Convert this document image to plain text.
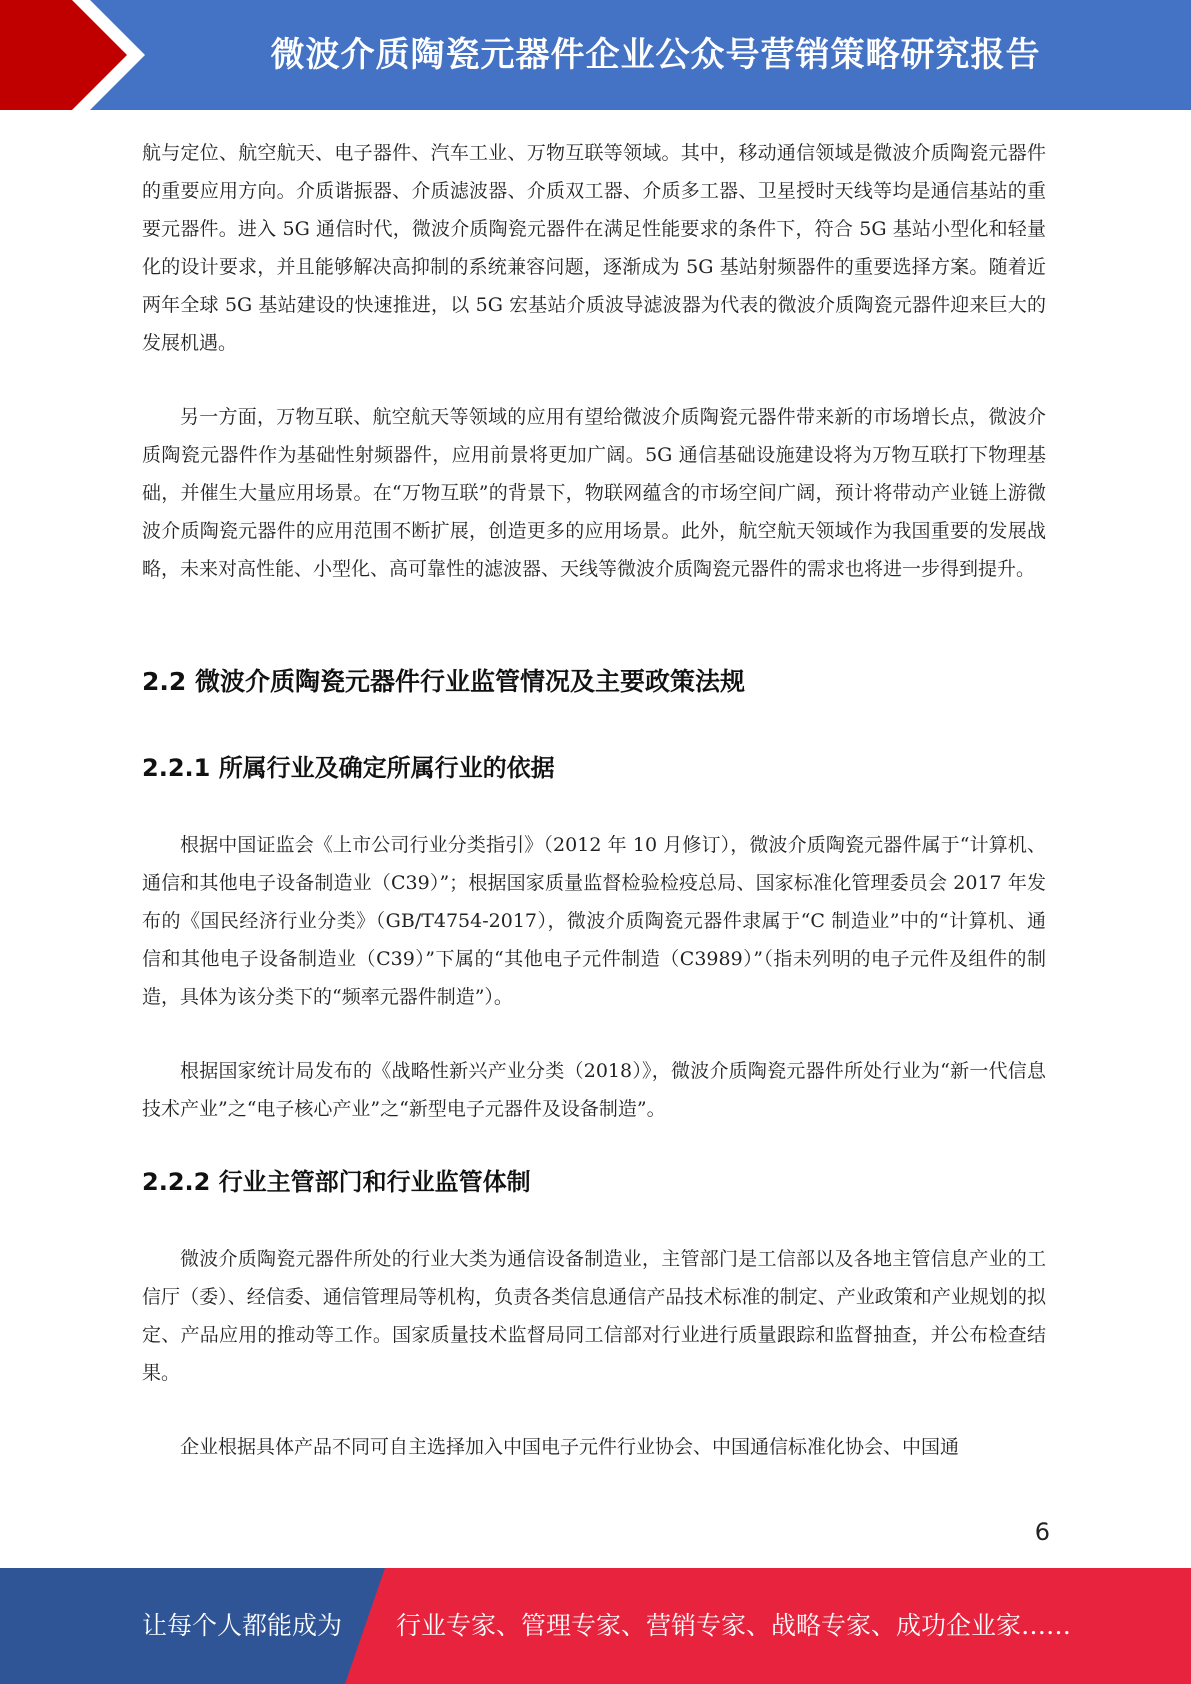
微波介质陶瓷元器件企业公众号营销策略研究报告

航与定位、航空航天、电子器件、汽车工业、万物互联等领域。其中，移动通信领域是微波介质陶瓷元器件的重要应用方向。介质谐振器、介质滤波器、介质双工器、介质多工器、卫星授时天线等均是通信基站的重要元器件。进入 5G 通信时代，微波介质陶瓷元器件在满足性能要求的条件下，符合 5G 基站小型化和轻量化的设计要求，并且能够解决高抑制的系统兼容问题，逐渐成为 5G 基站射频器件的重要选择方案。随着近两年全球 5G 基站建设的快速推进，以 5G 宏基站介质波导滤波器为代表的微波介质陶瓷元器件迎来巨大的发展机遇。

另一方面，万物互联、航空航天等领域的应用有望给微波介质陶瓷元器件带来新的市场增长点，微波介质陶瓷元器件作为基础性射频器件，应用前景将更加广阔。5G 通信基础设施建设将为万物互联打下物理基础，并催生大量应用场景。在“万物互联”的背景下，物联网蕴含的市场空间广阔，预计将带动产业链上游微波介质陶瓷元器件的应用范围不断扩展，创造更多的应用场景。此外，航空航天领域作为我国重要的发展战略，未来对高性能、小型化、高可靠性的滤波器、天线等微波介质陶瓷元器件的需求也将进一步得到提升。

2.2 微波介质陶瓷元器件行业监管情况及主要政策法规
2.2.1 所属行业及确定所属行业的依据

根据中国证监会《上市公司行业分类指引》（2012 年 10 月修订），微波介质陶瓷元器件属于“计算机、通信和其他电子设备制造业（C39）”；根据国家质量监督检验检疫总局、国家标准化管理委员会 2017 年发布的《国民经济行业分类》（GB/T4754-2017），微波介质陶瓷元器件隶属于“C 制造业”中的“计算机、通信和其他电子设备制造业（C39）”下属的“其他电子元件制造（C3989）”（指未列明的电子元件及组件的制造，具体为该分类下的“频率元器件制造”）。

根据国家统计局发布的《战略性新兴产业分类（2018）》，微波介质陶瓷元器件所处行业为“新一代信息技术产业”之“电子核心产业”之“新型电子元器件及设备制造”。

2.2.2 行业主管部门和行业监管体制

微波介质陶瓷元器件所处的行业大类为通信设备制造业，主管部门是工信部以及各地主管信息产业的工信厅（委）、经信委、通信管理局等机构，负责各类信息通信产品技术标准的制定、产业政策和产业规划的拟定、产品应用的推动等工作。国家质量技术监督局同工信部对行业进行质量跟踪和监督抽查，并公布检查结果。

企业根据具体产品不同可自主选择加入中国电子元件行业协会、中国通信标准化协会、中国通

6
让每个人都能成为 行业专家、管理专家、营销专家、战略专家、成功企业家……
